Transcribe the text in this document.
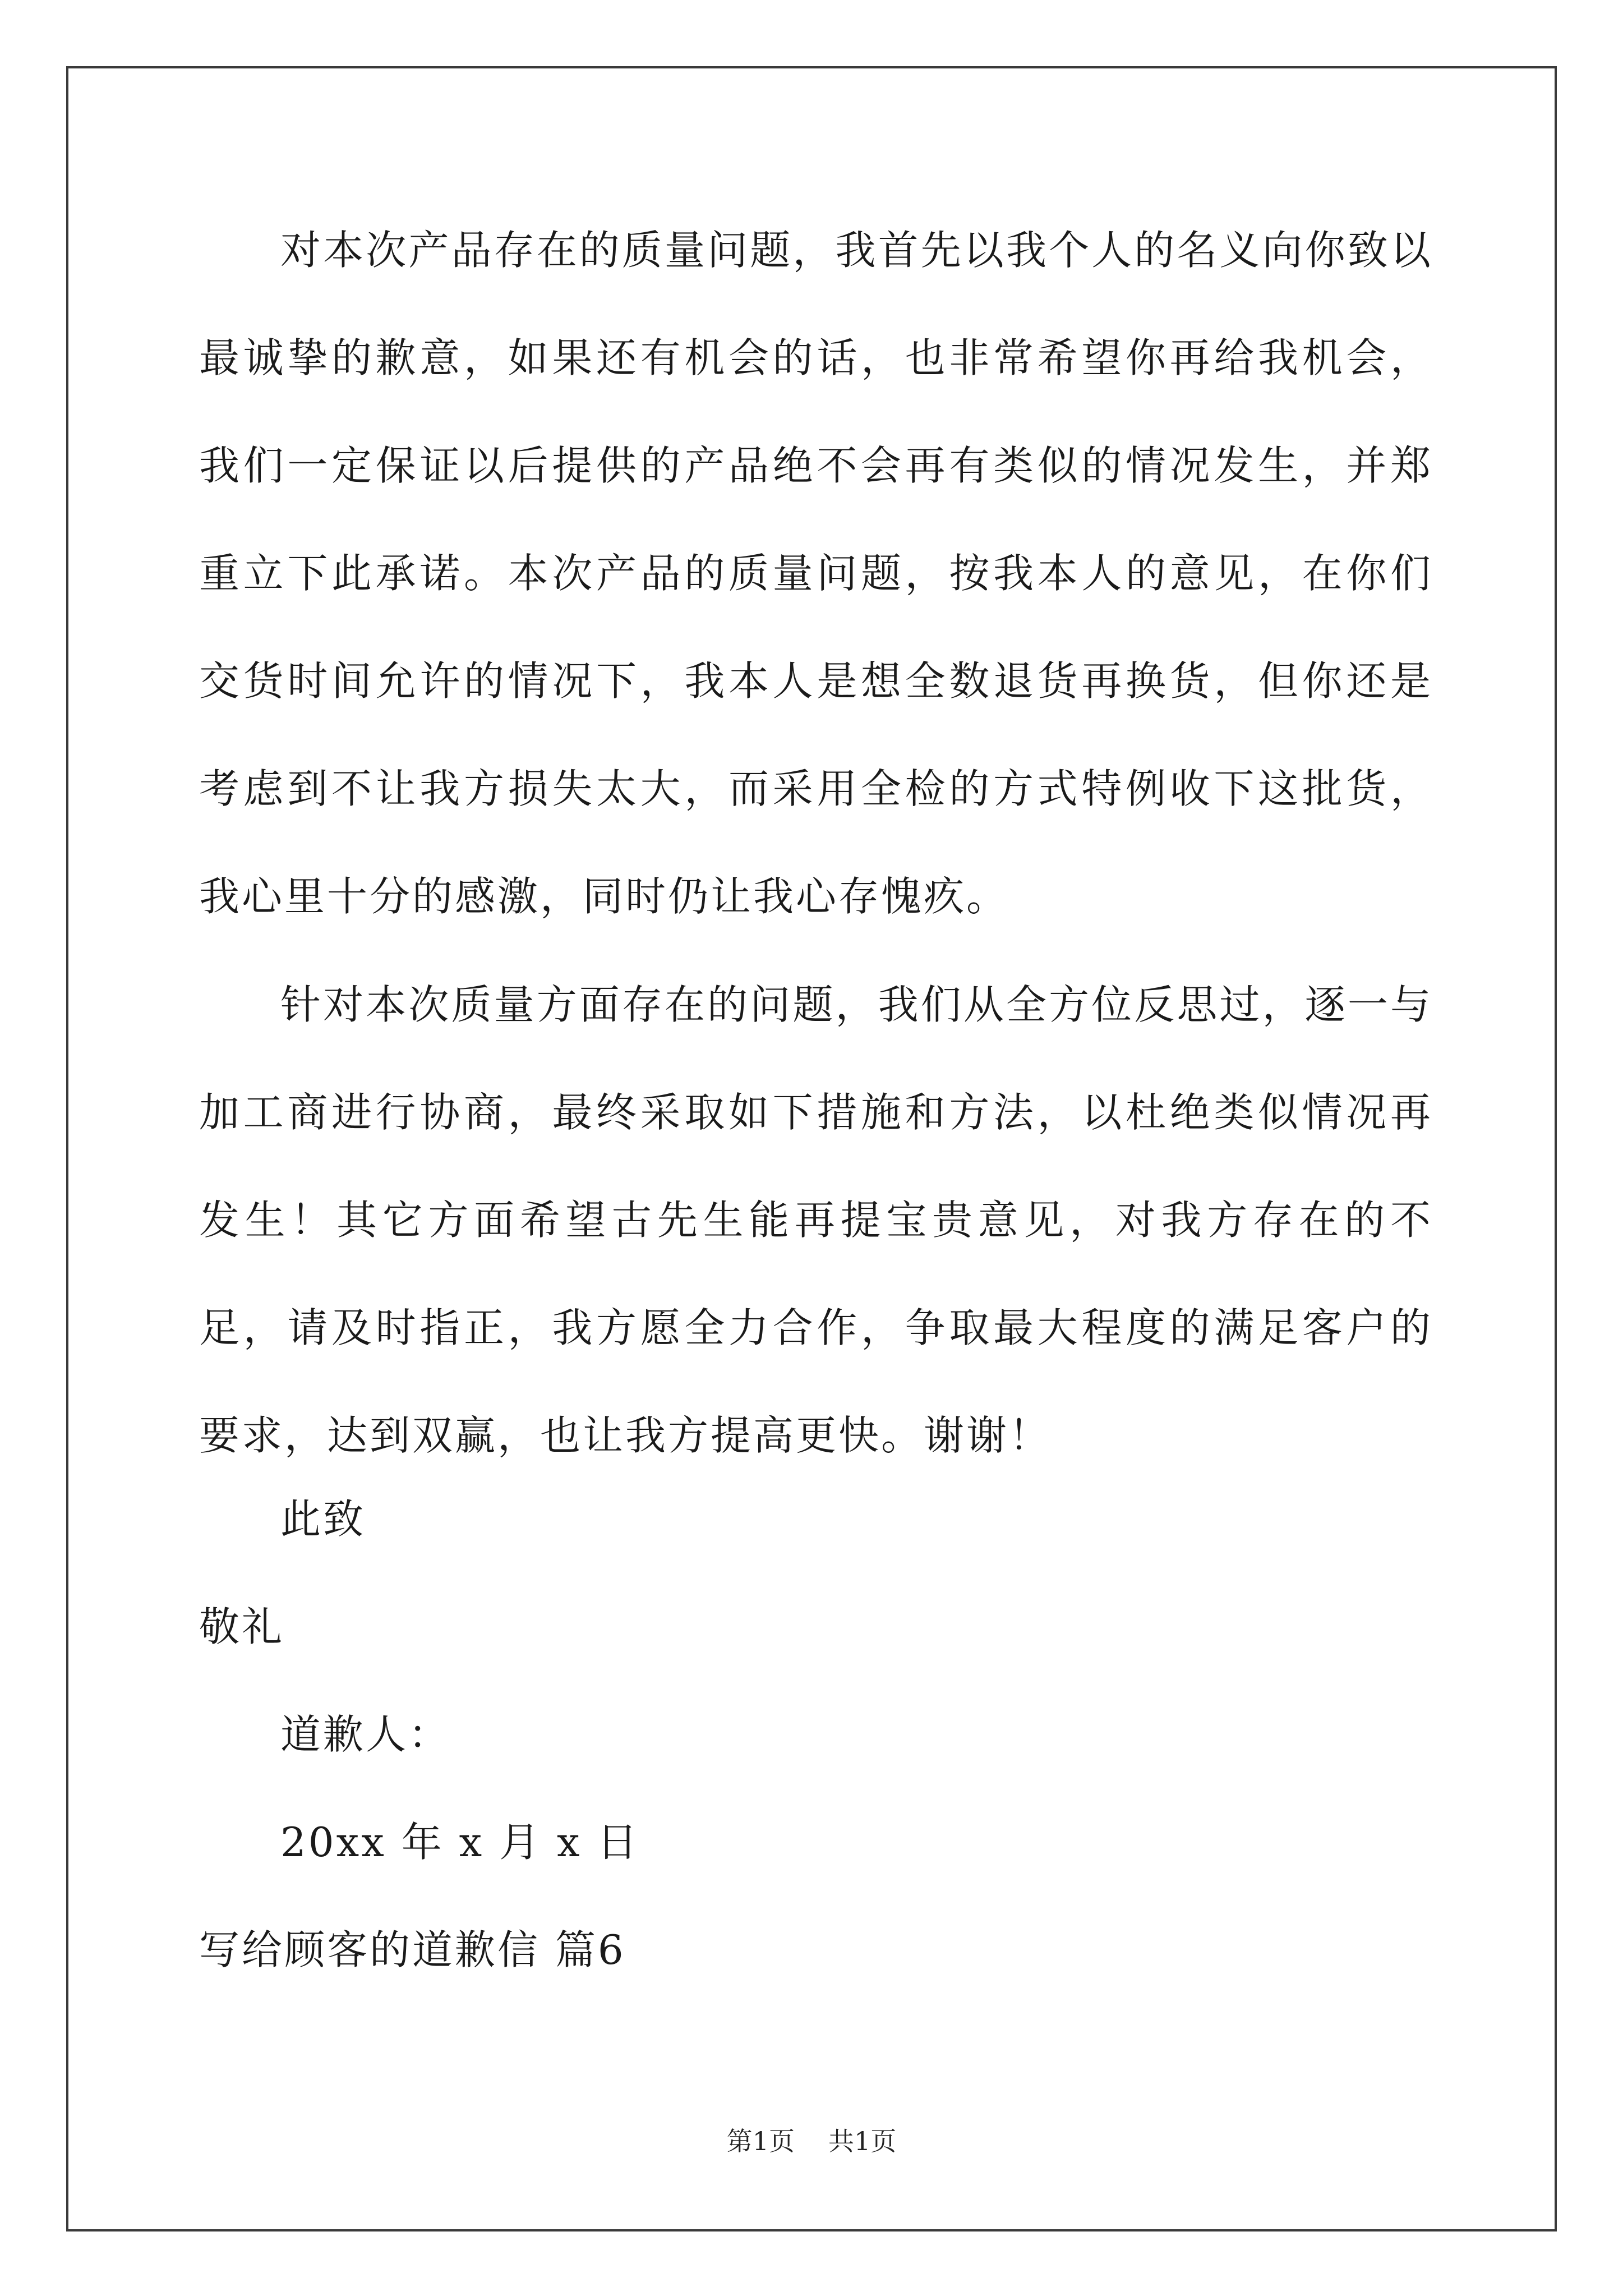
对本次产品存在的质量问题，我首先以我个人的名义向你致以最诚挚的歉意，如果还有机会的话，也非常希望你再给我机会，我们一定保证以后提供的产品绝不会再有类似的情况发生，并郑重立下此承诺。本次产品的质量问题，按我本人的意见，在你们交货时间允许的情况下，我本人是想全数退货再换货，但你还是考虑到不让我方损失太大，而采用全检的方式特例收下这批货，我心里十分的感激，同时仍让我心存愧疚。

针对本次质量方面存在的问题，我们从全方位反思过，逐一与加工商进行协商，最终采取如下措施和方法，以杜绝类似情况再发生！其它方面希望古先生能再提宝贵意见，对我方存在的不足，请及时指正，我方愿全力合作，争取最大程度的满足客户的要求，达到双赢，也让我方提高更快。谢谢！

此致

敬礼

道歉人：

20xx 年 x 月 x 日

写给顾客的道歉信 篇6

第1页 共1页
